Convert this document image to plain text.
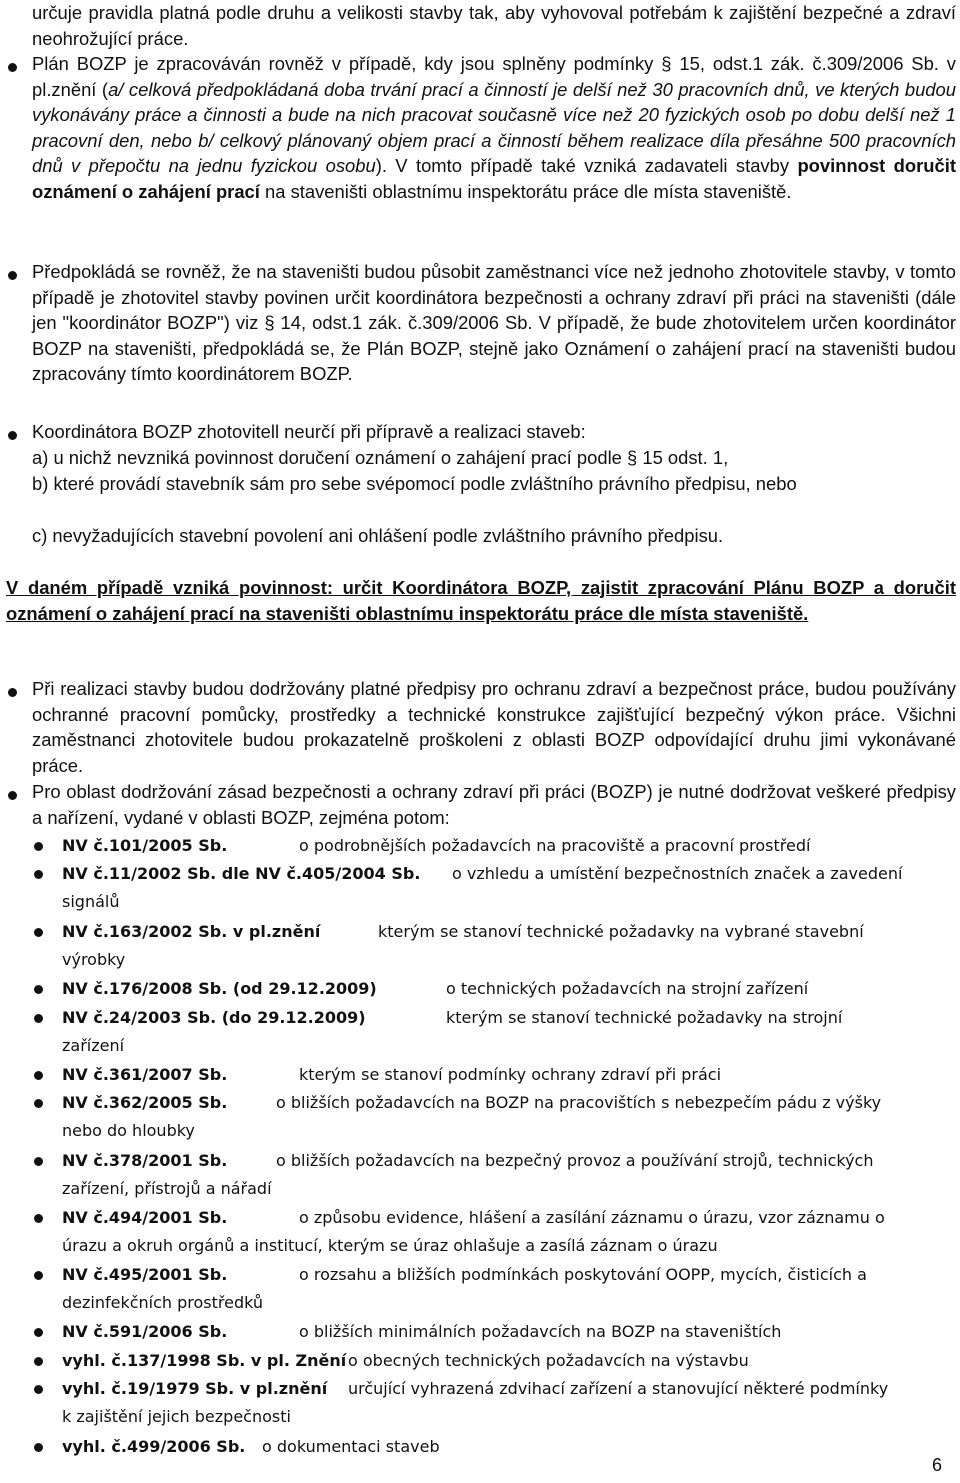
určuje pravidla platná podle druhu a velikosti stavby tak, aby vyhovoval potřebám k zajištění bezpečné a zdraví neohrožující práce.

Plán BOZP je zpracováván rovněž v případě, kdy jsou splněny podmínky § 15, odst.1 zák. č.309/2006 Sb. v pl.znění (a/ celková předpokládaná doba trvání prací a činností je delší než 30 pracovních dnů, ve kterých budou vykonávány práce a činnosti a bude na nich pracovat současně více než 20 fyzických osob po dobu delší než 1 pracovní den, nebo b/ celkový plánovaný objem prací a činností během realizace díla přesáhne 500 pracovních dnů v přepočtu na jednu fyzickou osobu). V tomto případě také vzniká zadavateli stavby povinnost doručit oznámení o zahájení prací na staveništi oblastnímu inspektorátu práce dle místa staveniště.

Předpokládá se rovněž, že na staveništi budou působit zaměstnanci více než jednoho zhotovitele stavby, v tomto případě je zhotovitel stavby povinen určit koordinátora bezpečnosti a ochrany zdraví při práci na staveništi (dále jen "koordinátor BOZP") viz § 14, odst.1 zák. č.309/2006 Sb. V případě, že bude zhotovitelem určen koordinátor BOZP na staveništi, předpokládá se, že Plán BOZP, stejně jako Oznámení o zahájení prací na staveništi budou zpracovány tímto koordinátorem BOZP.

Koordinátora BOZP zhotovitell neurčí při přípravě a realizaci staveb:

a) u nichž nevzniká povinnost doručení oznámení o zahájení prací podle § 15 odst. 1,

b) které provádí stavebník sám pro sebe svépomocí podle zvláštního právního předpisu, nebo

c) nevyžadujících stavební povolení ani ohlášení podle zvláštního právního předpisu.

V daném případě vzniká povinnost: určit Koordinátora BOZP, zajistit zpracování Plánu BOZP a doručit oznámení o zahájení prací na staveništi oblastnímu inspektorátu práce dle místa staveniště.

Při realizaci stavby budou dodržovány platné předpisy pro ochranu zdraví a bezpečnost práce, budou používány ochranné pracovní pomůcky, prostředky a technické konstrukce zajišťující bezpečný výkon práce. Všichni zaměstnanci zhotovitele budou prokazatelně proškoleni z oblasti BOZP odpovídající druhu jimi vykonávané práce.

Pro oblast dodržování zásad bezpečnosti a ochrany zdraví při práci (BOZP) je nutné dodržovat veškeré předpisy a nařízení, vydané v oblasti BOZP, zejména potom:

NV č.101/2005 Sb.	o podrobnějších požadavcích na pracoviště a pracovní prostředí
NV č.11/2002 Sb. dle NV č.405/2004 Sb. o vzhledu a umístění bezpečnostních značek a zavedení
signálů
NV č.163/2002 Sb. v pl.znění	kterým se stanoví technické požadavky na vybrané stavební
výrobky
NV č.176/2008 Sb. (od 29.12.2009)	o technických požadavcích na strojní zařízení
NV č.24/2003 Sb. (do 29.12.2009)	kterým se stanoví technické požadavky na strojní
zařízení
NV č.361/2007 Sb.	kterým se stanoví podmínky ochrany zdraví při práci
NV č.362/2005 Sb.	o bližších požadavcích na BOZP na pracovištích s nebezpečím pádu z výšky
nebo do hloubky
NV č.378/2001 Sb.	o bližších požadavcích na bezpečný provoz a používání strojů, technických
zařízení, přístrojů a nářadí
NV č.494/2001 Sb.	o způsobu evidence, hlášení a zasílání záznamu o úrazu, vzor záznamu o
úrazu a okruh orgánů a institucí, kterým se úraz ohlašuje a zasílá záznam o úrazu
NV č.495/2001 Sb.	o rozsahu a bližších podmínkách poskytování OOPP, mycích, čisticích a
dezinfekčních prostředků
NV č.591/2006 Sb.	o bližších minimálních požadavcích na BOZP na staveništích
vyhl. č.137/1998 Sb. v pl. Znění o obecných technických požadavcích na výstavbu
vyhl. č.19/1979 Sb. v pl.znění určující vyhrazená zdvihací zařízení a stanovující některé podmínky
k zajištění jejich bezpečnosti
vyhl. č.499/2006 Sb. o dokumentaci staveb
6
